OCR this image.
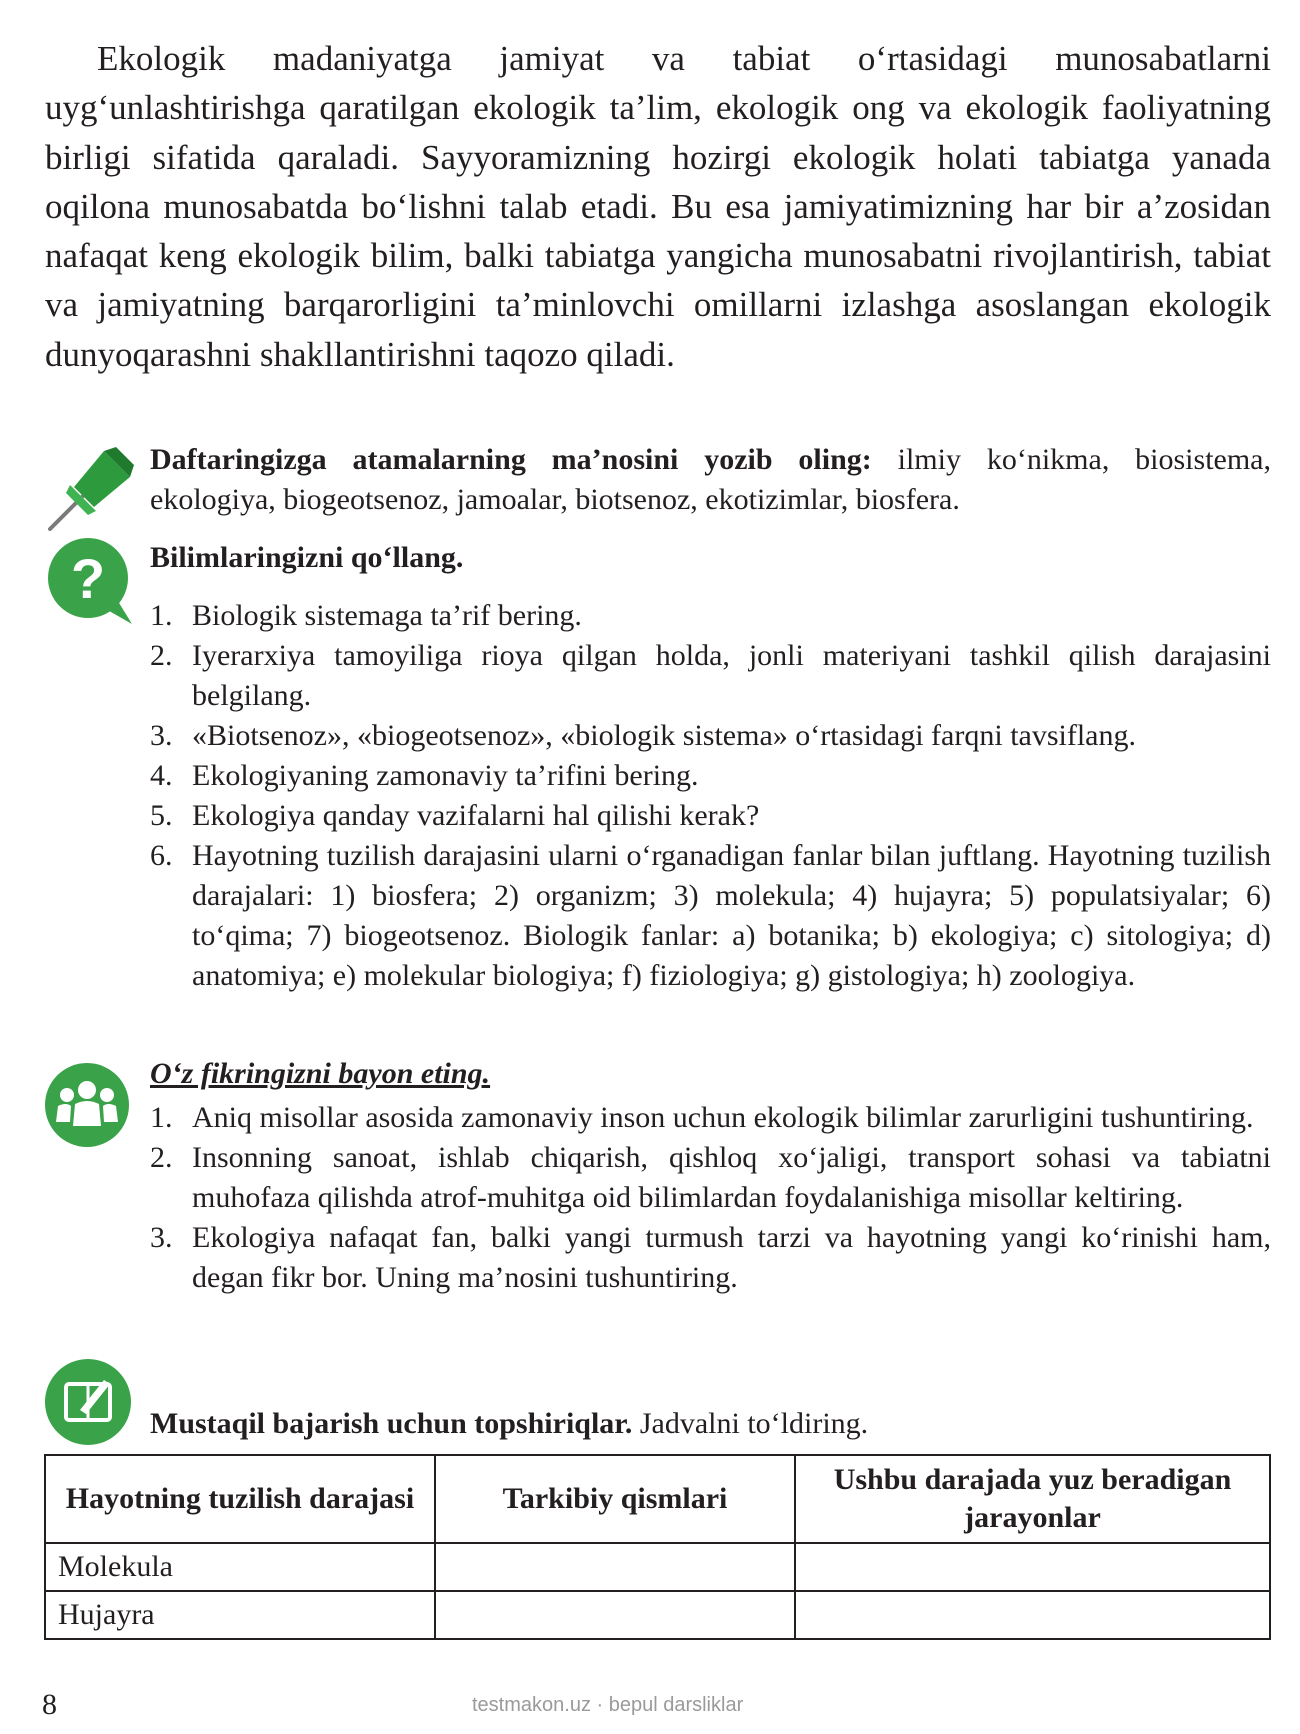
Ekologik madaniyatga jamiyat va tabiat o‘rtasidagi munosabatlarni uyg‘unlashtirishga qaratilgan ekologik ta’lim, ekologik ong va ekologik faoliyatning birligi sifatida qaraladi. Sayyoramizning hozirgi ekologik holati tabiatga yanada oqilona munosabatda bo‘lishni talab etadi. Bu esa jamiyatimizning har bir a’zosidan nafaqat keng ekologik bilim, balki tabiatga yangicha munosabatni rivojlantirish, tabiat va jamiyatning barqarorligini ta’minlovchi omillarni izlashga asoslangan ekologik dunyoqarashni shakllantirishni taqozo qiladi.

Daftaringizga atamalarning ma’nosini yozib oling: ilmiy ko‘nikma, biosistema, ekologiya, biogeotsenoz, jamoalar, biotsenoz, ekotizimlar, biosfera.

? Bilimlaringizni qo‘llang.

1. Biologik sistemaga ta’rif bering.
2. Iyerarxiya tamoyiliga rioya qilgan holda, jonli materiyani tashkil qilish darajasini belgilang.
3. «Biotsenoz», «biogeotsenoz», «biologik sistema» o‘rtasidagi farqni tavsiflang.
4. Ekologiyaning zamonaviy ta’rifini bering.
5. Ekologiya qanday vazifalarni hal qilishi kerak?
6. Hayotning tuzilish darajasini ularni o‘rganadigan fanlar bilan juftlang. Hayotning tuzilish darajalari: 1) biosfera; 2) organizm; 3) molekula; 4) hujayra; 5) populatsiyalar; 6) to‘qima; 7) biogeotsenoz. Biologik fanlar: a) botanika; b) ekologiya; c) sitologiya; d) anatomiya; e) molekular biologiya; f) fiziologiya; g) gistologiya; h) zoologiya.

O‘z fikringizni bayon eting.

1. Aniq misollar asosida zamonaviy inson uchun ekologik bilimlar zarurligini tushuntiring.
2. Insonning sanoat, ishlab chiqarish, qishloq xo‘jaligi, transport sohasi va tabiatni muhofaza qilishda atrof-muhitga oid bilimlardan foydalanishiga misollar keltiring.
3. Ekologiya nafaqat fan, balki yangi turmush tarzi va hayotning yangi ko‘rinishi ham, degan fikr bor. Uning ma’nosini tushuntiring.

Mustaqil bajarish uchun topshiriqlar. Jadvalni to‘ldiring.

Hayotning tuzilish darajasi	Tarkibiy qismlari	Ushbu darajada yuz beradigan jarayonlar
Molekula		
Hujayra		
8	testmakon.uz · bepul darsliklar
